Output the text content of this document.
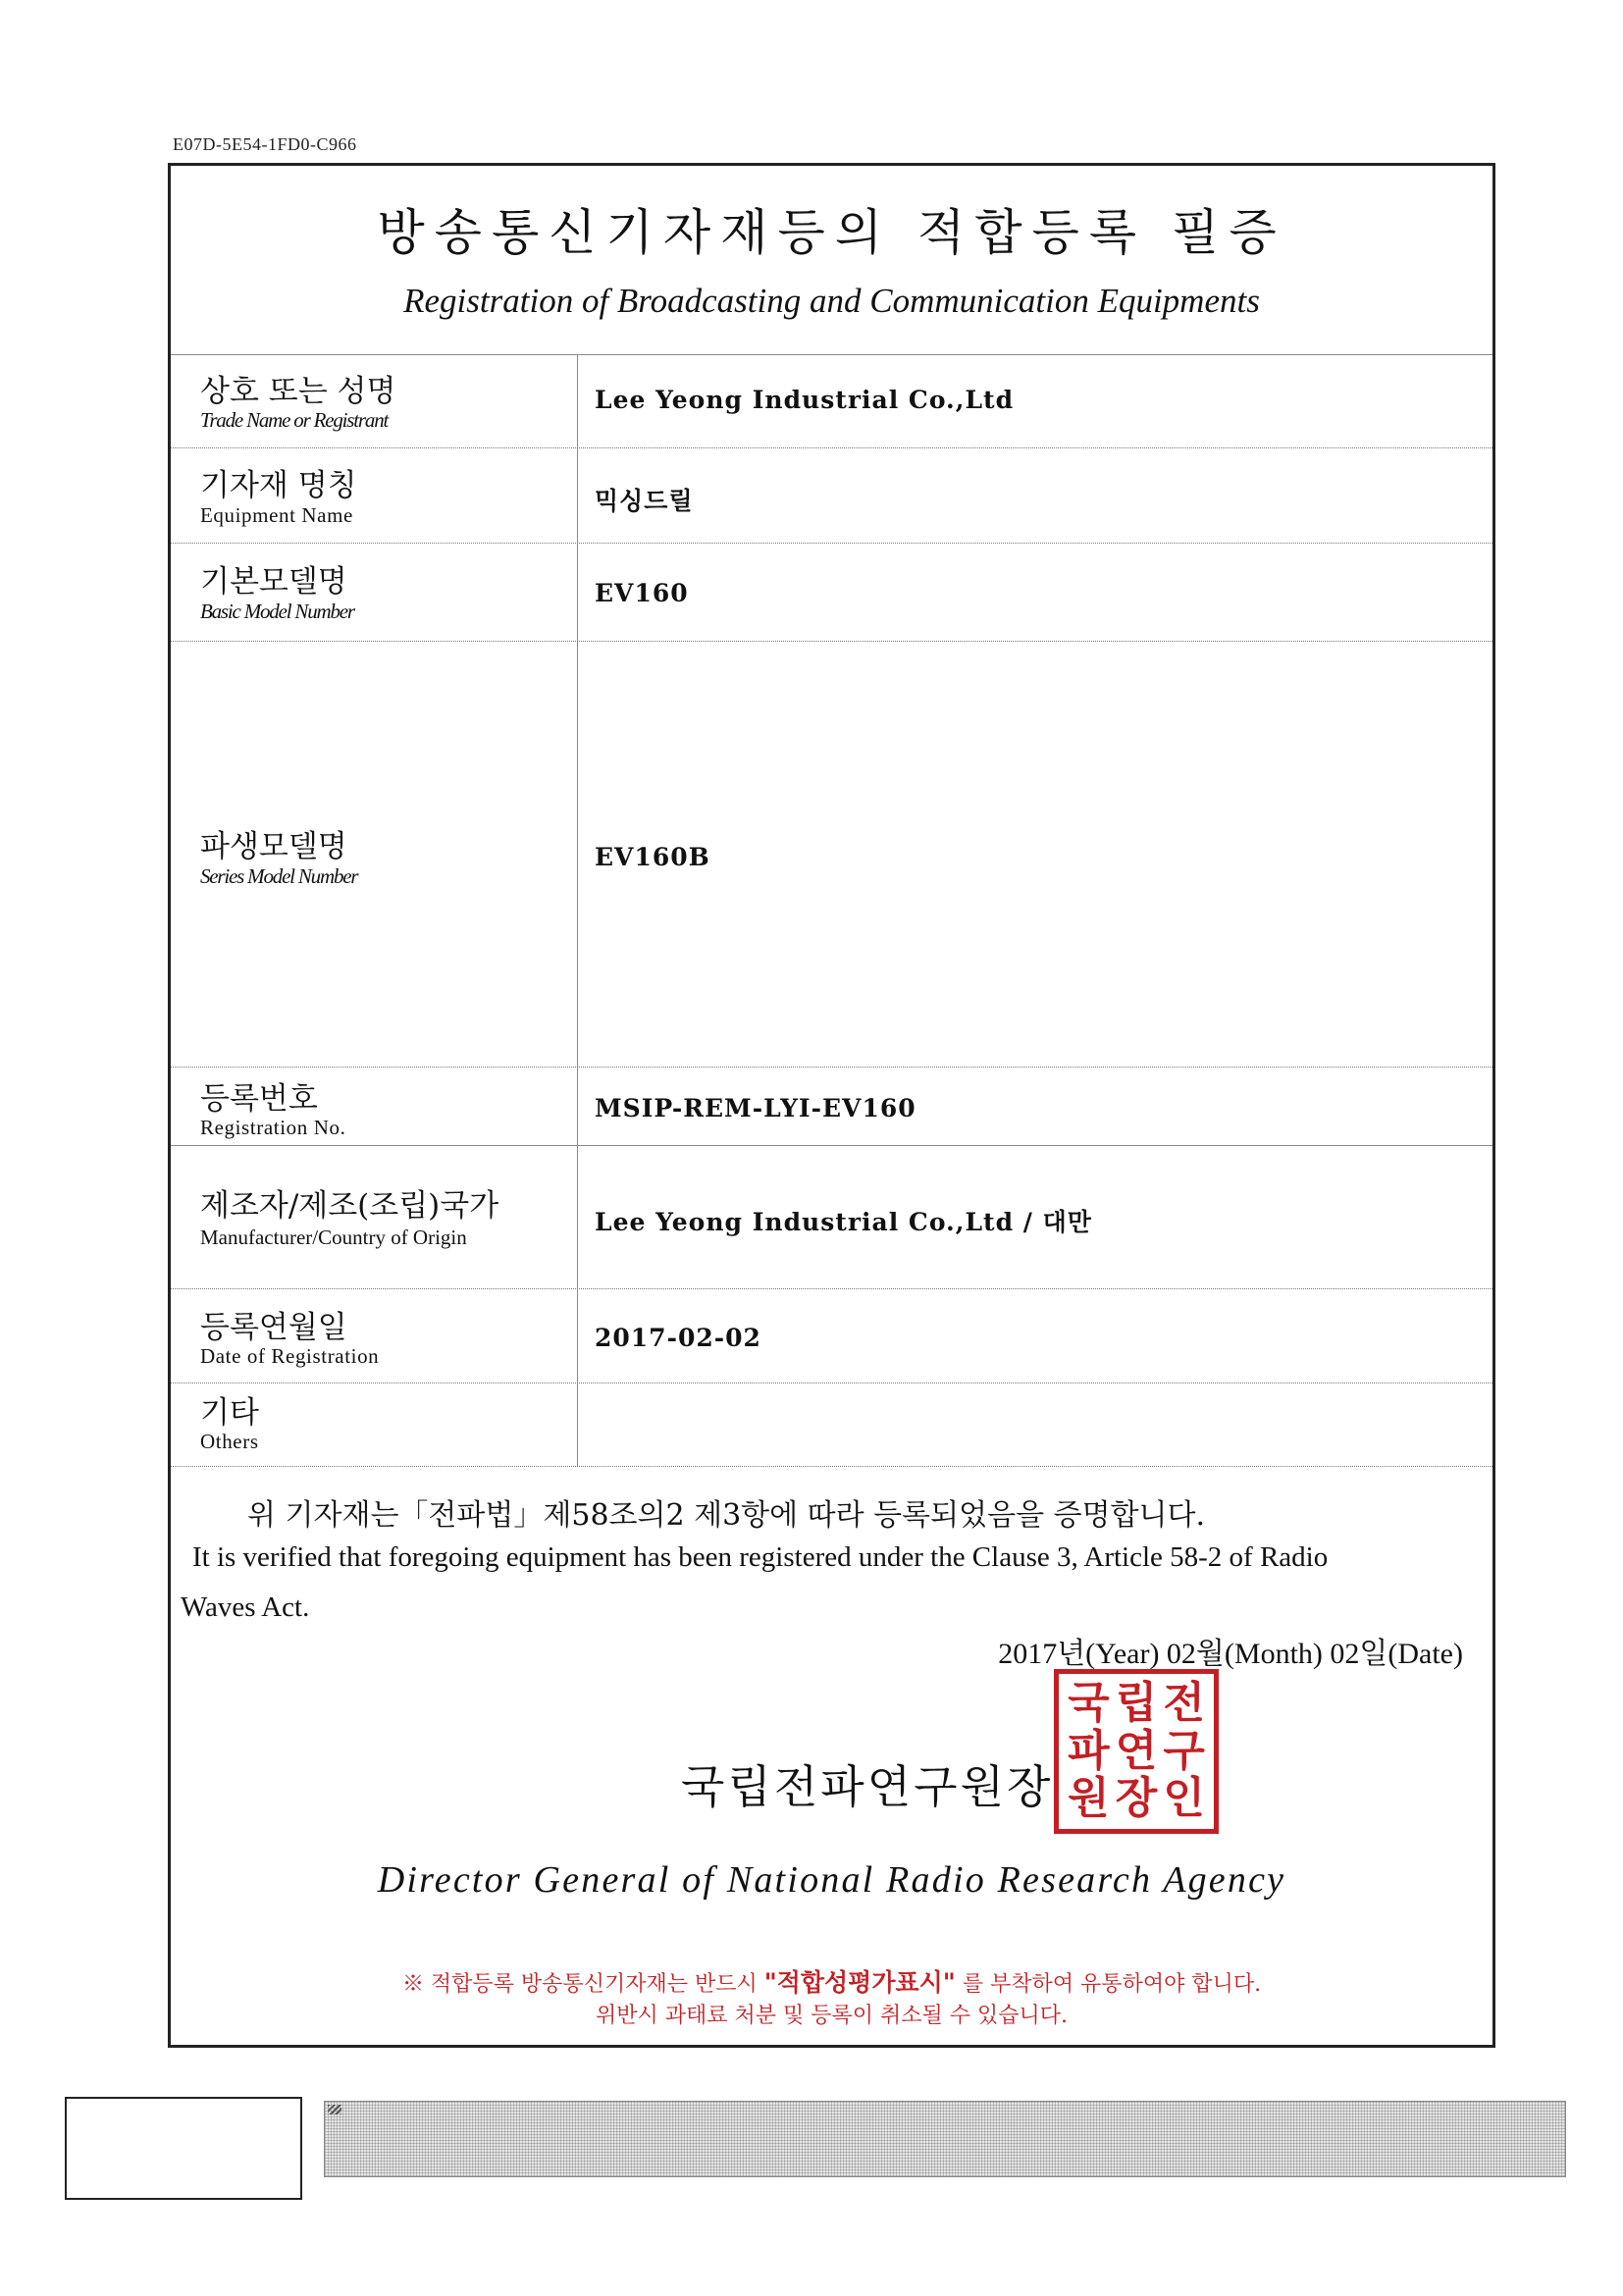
E07D-5E54-1FD0-C966
방송통신기자재등의 적합등록 필증
Registration of Broadcasting and Communication Equipments
상호 또는 성명
Trade Name or Registrant
Lee Yeong Industrial Co.,Ltd
기자재 명칭
Equipment Name	믹싱드릴
기본모델명
Basic Model Number
EV160
파생모델명
Series Model Number
EV160B
등록번호
Registration No.
MSIP-REM-LYI-EV160
제조자/제조(조립)국가
Manufacturer/Country of Origin
Lee Yeong Industrial Co.,Ltd / 대만
등록연월일
Date of Registration
2017-02-02
기타
Others
위 기자재는「전파법」제58조의2 제3항에 따라 등록되었음을 증명합니다.
It is verified that foregoing equipment has been registered under the Clause 3, Article 58-2 of Radio
Waves Act.
2017년(Year) 02월(Month) 02일(Date)
국 립 전
파 연 구
원 장 인
국립전파연구원장
Director General of National Radio Research Agency
※ 적합등록 방송통신기자재는 반드시 "적합성평가표시" 를 부착하여 유통하여야 합니다.
위반시 과태료 처분 및 등록이 취소될 수 있습니다.
